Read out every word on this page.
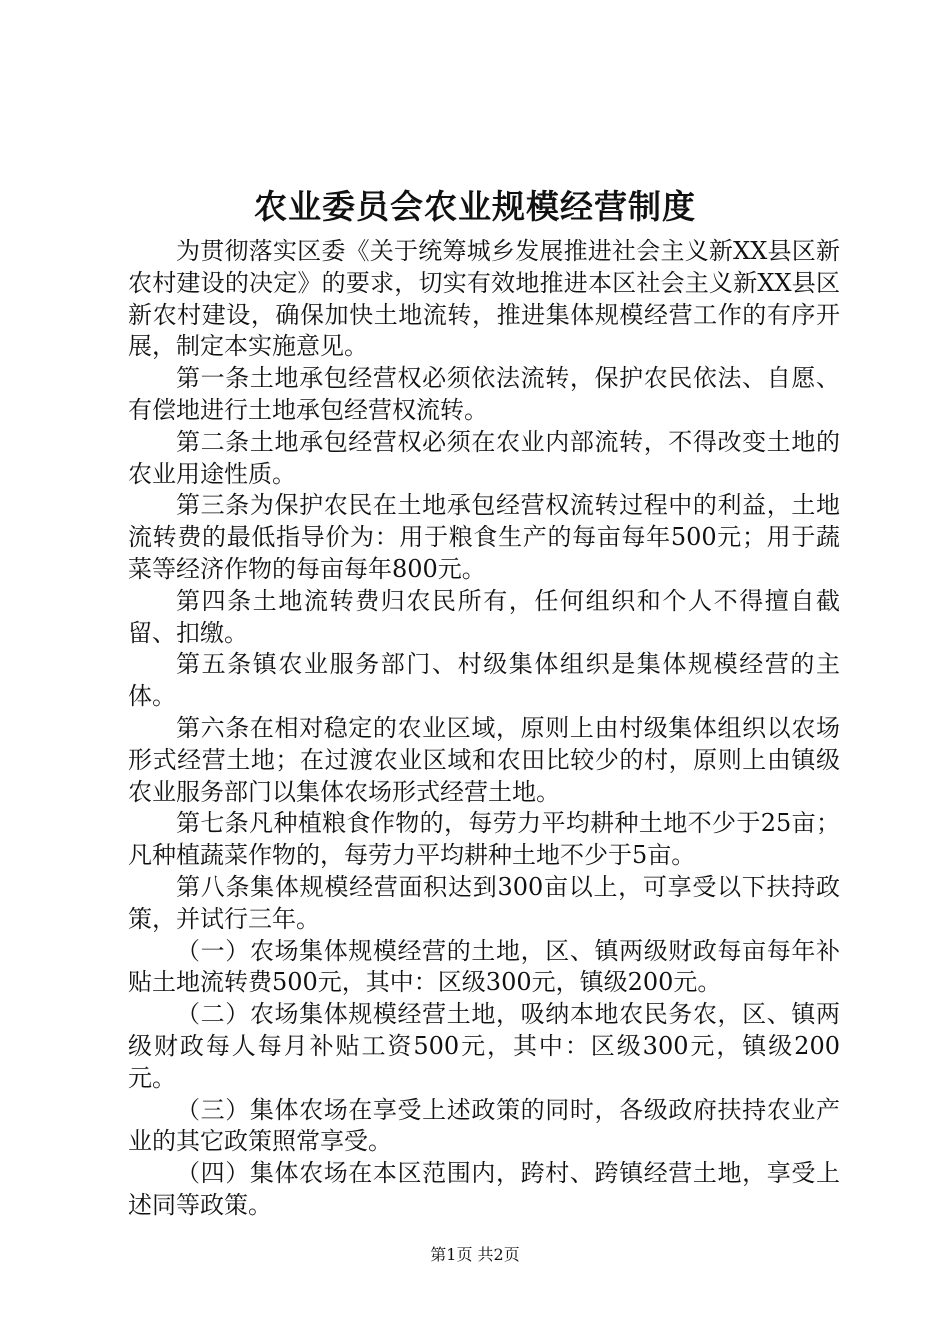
农业委员会农业规模经营制度

为贯彻落实区委《关于统筹城乡发展推进社会主义新XX县区新农村建设的决定》的要求，切实有效地推进本区社会主义新XX县区新农村建设，确保加快土地流转，推进集体规模经营工作的有序开展，制定本实施意见。

第一条土地承包经营权必须依法流转，保护农民依法、自愿、有偿地进行土地承包经营权流转。

第二条土地承包经营权必须在农业内部流转，不得改变土地的农业用途性质。

第三条为保护农民在土地承包经营权流转过程中的利益，土地流转费的最低指导价为：用于粮食生产的每亩每年500元；用于蔬菜等经济作物的每亩每年800元。

第四条土地流转费归农民所有，任何组织和个人不得擅自截留、扣缴。

第五条镇农业服务部门、村级集体组织是集体规模经营的主体。

第六条在相对稳定的农业区域，原则上由村级集体组织以农场形式经营土地；在过渡农业区域和农田比较少的村，原则上由镇级农业服务部门以集体农场形式经营土地。

第七条凡种植粮食作物的，每劳力平均耕种土地不少于25亩；凡种植蔬菜作物的，每劳力平均耕种土地不少于5亩。

第八条集体规模经营面积达到300亩以上，可享受以下扶持政策，并试行三年。

（一）农场集体规模经营的土地，区、镇两级财政每亩每年补贴土地流转费500元，其中：区级300元，镇级200元。

（二）农场集体规模经营土地，吸纳本地农民务农，区、镇两级财政每人每月补贴工资500元，其中：区级300元，镇级200元。

（三）集体农场在享受上述政策的同时，各级政府扶持农业产业的其它政策照常享受。

（四）集体农场在本区范围内，跨村、跨镇经营土地，享受上述同等政策。

第1页 共2页
